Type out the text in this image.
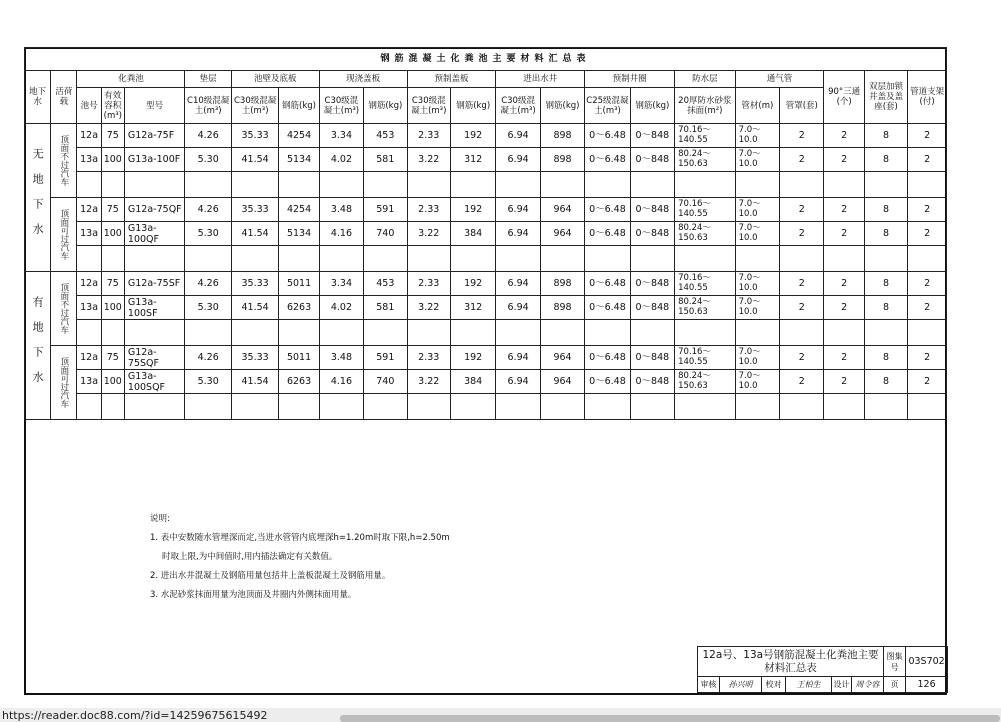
钢筋混凝土化粪池主要材料汇总表																					
地下水	活荷载	化粪池			垫层	池壁及底板		现浇盖板		预制盖板		进出水井		预制井圈		防水层	通气管		90°三通(个)	双层加锁井盖及盖座(套)	管道支架(付)
		池号	有效容积(m³)	型号	C10级混凝土(m³)	C30级混凝土(m³)	钢筋(kg)	C30级混凝土(m³)	钢筋(kg)	C30级混凝土(m³)	钢筋(kg)	C30级混凝土(m³)	钢筋(kg)	C25级混凝土(m³)	钢筋(kg)	20厚防水砂浆抹面(m²)	管材(m)	管罩(套)			
无地下水	顶面不过汽车	12a	75	G12a-75F	4.26	35.33	4254	3.34	453	2.33	192	6.94	898	0～6.48	0～848	70.16～140.55	7.0～10.0	2	2	8	2
		13a	100	G13a-100F	5.30	41.54	5134	4.02	581	3.22	312	6.94	898	0～6.48	0～848	80.24～150.63	7.0～10.0	2	2	8	2

	顶面可过汽车	12a	75	G12a-75QF	4.26	35.33	4254	3.48	591	2.33	192	6.94	964	0～6.48	0～848	70.16～140.55	7.0～10.0	2	2	8	2
		13a	100	G13a-100QF	5.30	41.54	5134	4.16	740	3.22	384	6.94	964	0～6.48	0～848	80.24～150.63	7.0～10.0	2	2	8	2

有地下水	顶面不过汽车	12a	75	G12a-75SF	4.26	35.33	5011	3.34	453	2.33	192	6.94	898	0～6.48	0～848	70.16～140.55	7.0～10.0	2	2	8	2
		13a	100	G13a-100SF	5.30	41.54	6263	4.02	581	3.22	312	6.94	898	0～6.48	0～848	80.24～150.63	7.0～10.0	2	2	8	2

	顶面可过汽车	12a	75	G12a-75SQF	4.26	35.33	5011	3.48	591	2.33	192	6.94	964	0～6.48	0～848	70.16～140.55	7.0～10.0	2	2	8	2
		13a	100	G13a-100SQF	5.30	41.54	6263	4.16	740	3.22	384	6.94	964	0～6.48	0～848	80.24～150.63	7.0～10.0	2	2	8	2

说明:
1. 表中安数随水管埋深而定,当进水管管内底埋深h=1.20m时取下限,h=2.50m
时取上限,为中间值时,用内插法确定有关数值。
2. 进出水井混凝土及钢筋用量包括井上盖板混凝土及钢筋用量。
3. 水泥砂浆抹面用量为池顶面及井圈内外侧抹面用量。
12a号、13a号钢筋混凝土化粪池主要材料汇总表						图集号	03S702
审核	孙兴明	校对	王柏生	设计	周令容	页	126
https://reader.doc88.com/?id=14259675615492
